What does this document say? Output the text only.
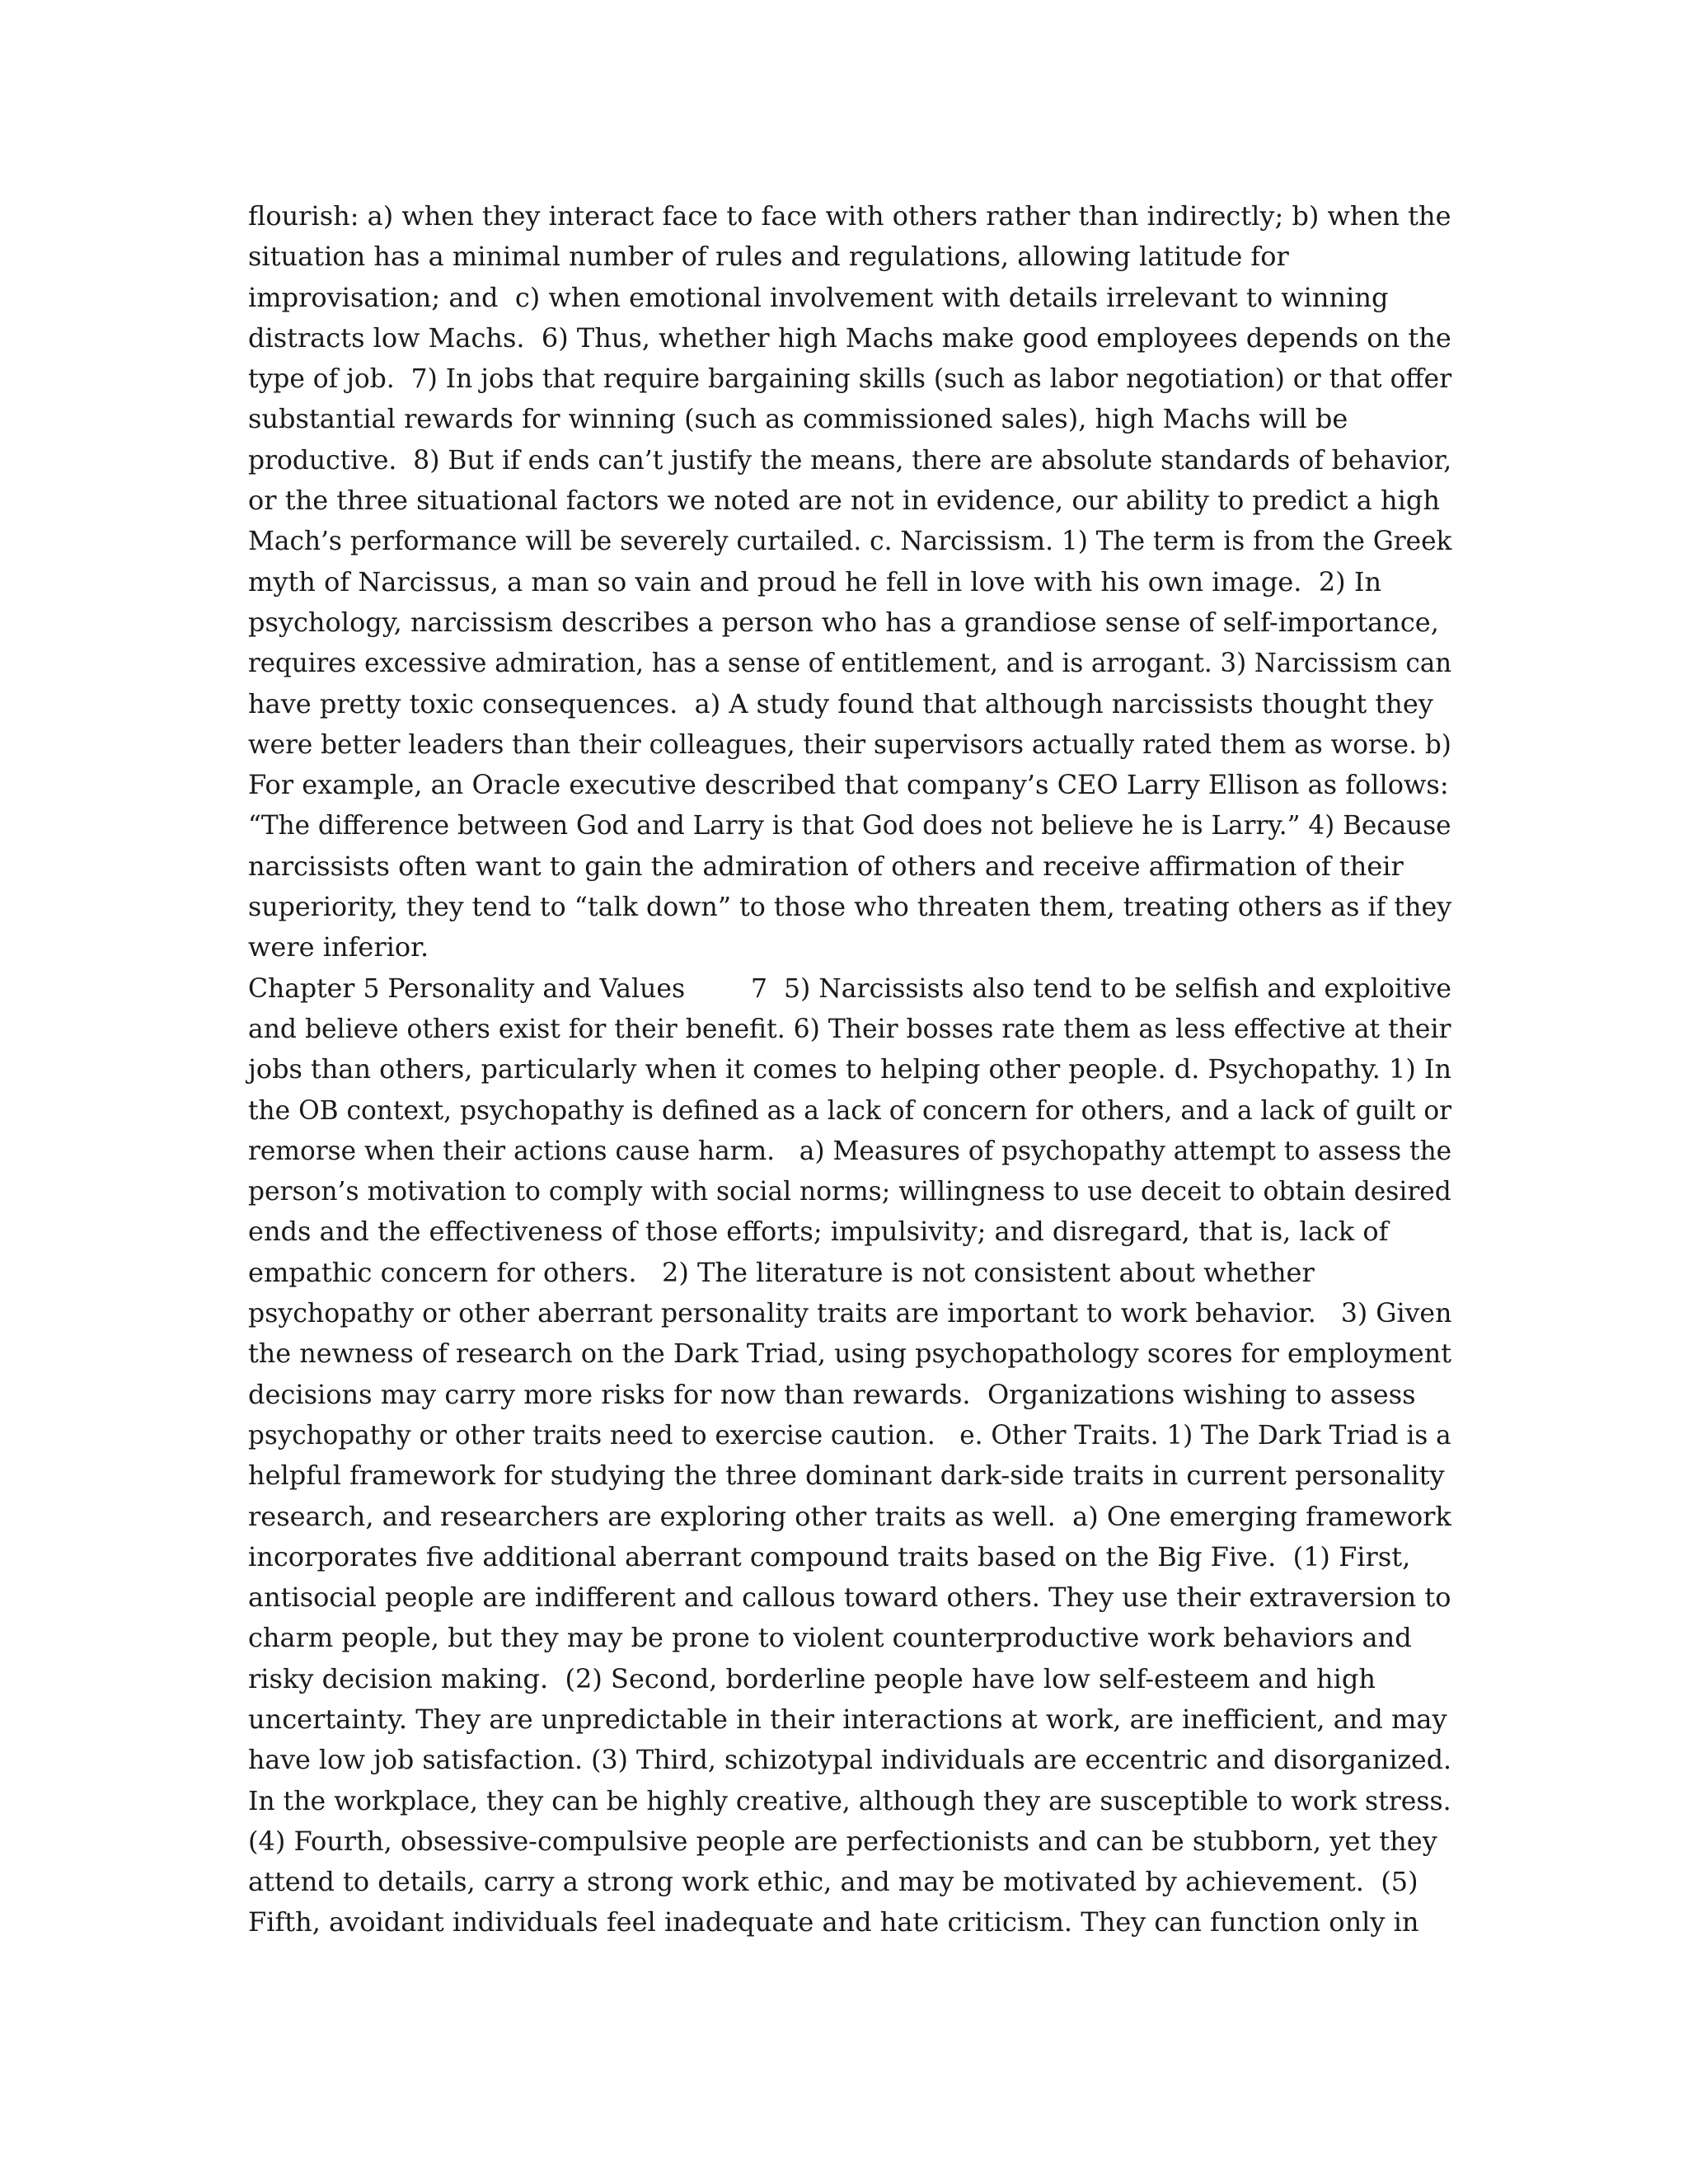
flourish: a) when they interact face to face with others rather than indirectly; b) when the
situation has a minimal number of rules and regulations, allowing latitude for
improvisation; and  c) when emotional involvement with details irrelevant to winning
distracts low Machs.  6) Thus, whether high Machs make good employees depends on the
type of job.  7) In jobs that require bargaining skills (such as labor negotiation) or that offer
substantial rewards for winning (such as commissioned sales), high Machs will be
productive.  8) But if ends can’t justify the means, there are absolute standards of behavior,
or the three situational factors we noted are not in evidence, our ability to predict a high
Mach’s performance will be severely curtailed. c. Narcissism. 1) The term is from the Greek
myth of Narcissus, a man so vain and proud he fell in love with his own image.  2) In
psychology, narcissism describes a person who has a grandiose sense of self-importance,
requires excessive admiration, has a sense of entitlement, and is arrogant. 3) Narcissism can
have pretty toxic consequences.  a) A study found that although narcissists thought they
were better leaders than their colleagues, their supervisors actually rated them as worse. b)
For example, an Oracle executive described that company’s CEO Larry Ellison as follows:
“The difference between God and Larry is that God does not believe he is Larry.” 4) Because
narcissists often want to gain the admiration of others and receive affirmation of their
superiority, they tend to “talk down” to those who threaten them, treating others as if they
were inferior.
Chapter 5 Personality and Values        7  5) Narcissists also tend to be selfish and exploitive
and believe others exist for their benefit. 6) Their bosses rate them as less effective at their
jobs than others, particularly when it comes to helping other people. d. Psychopathy. 1) In
the OB context, psychopathy is defined as a lack of concern for others, and a lack of guilt or
remorse when their actions cause harm.   a) Measures of psychopathy attempt to assess the
person’s motivation to comply with social norms; willingness to use deceit to obtain desired
ends and the effectiveness of those efforts; impulsivity; and disregard, that is, lack of
empathic concern for others.   2) The literature is not consistent about whether
psychopathy or other aberrant personality traits are important to work behavior.   3) Given
the newness of research on the Dark Triad, using psychopathology scores for employment
decisions may carry more risks for now than rewards.  Organizations wishing to assess
psychopathy or other traits need to exercise caution.   e. Other Traits. 1) The Dark Triad is a
helpful framework for studying the three dominant dark-side traits in current personality
research, and researchers are exploring other traits as well.  a) One emerging framework
incorporates five additional aberrant compound traits based on the Big Five.  (1) First,
antisocial people are indifferent and callous toward others. They use their extraversion to
charm people, but they may be prone to violent counterproductive work behaviors and
risky decision making.  (2) Second, borderline people have low self-esteem and high
uncertainty. They are unpredictable in their interactions at work, are inefficient, and may
have low job satisfaction. (3) Third, schizotypal individuals are eccentric and disorganized.
In the workplace, they can be highly creative, although they are susceptible to work stress.
(4) Fourth, obsessive-compulsive people are perfectionists and can be stubborn, yet they
attend to details, carry a strong work ethic, and may be motivated by achievement.  (5)
Fifth, avoidant individuals feel inadequate and hate criticism. They can function only in
